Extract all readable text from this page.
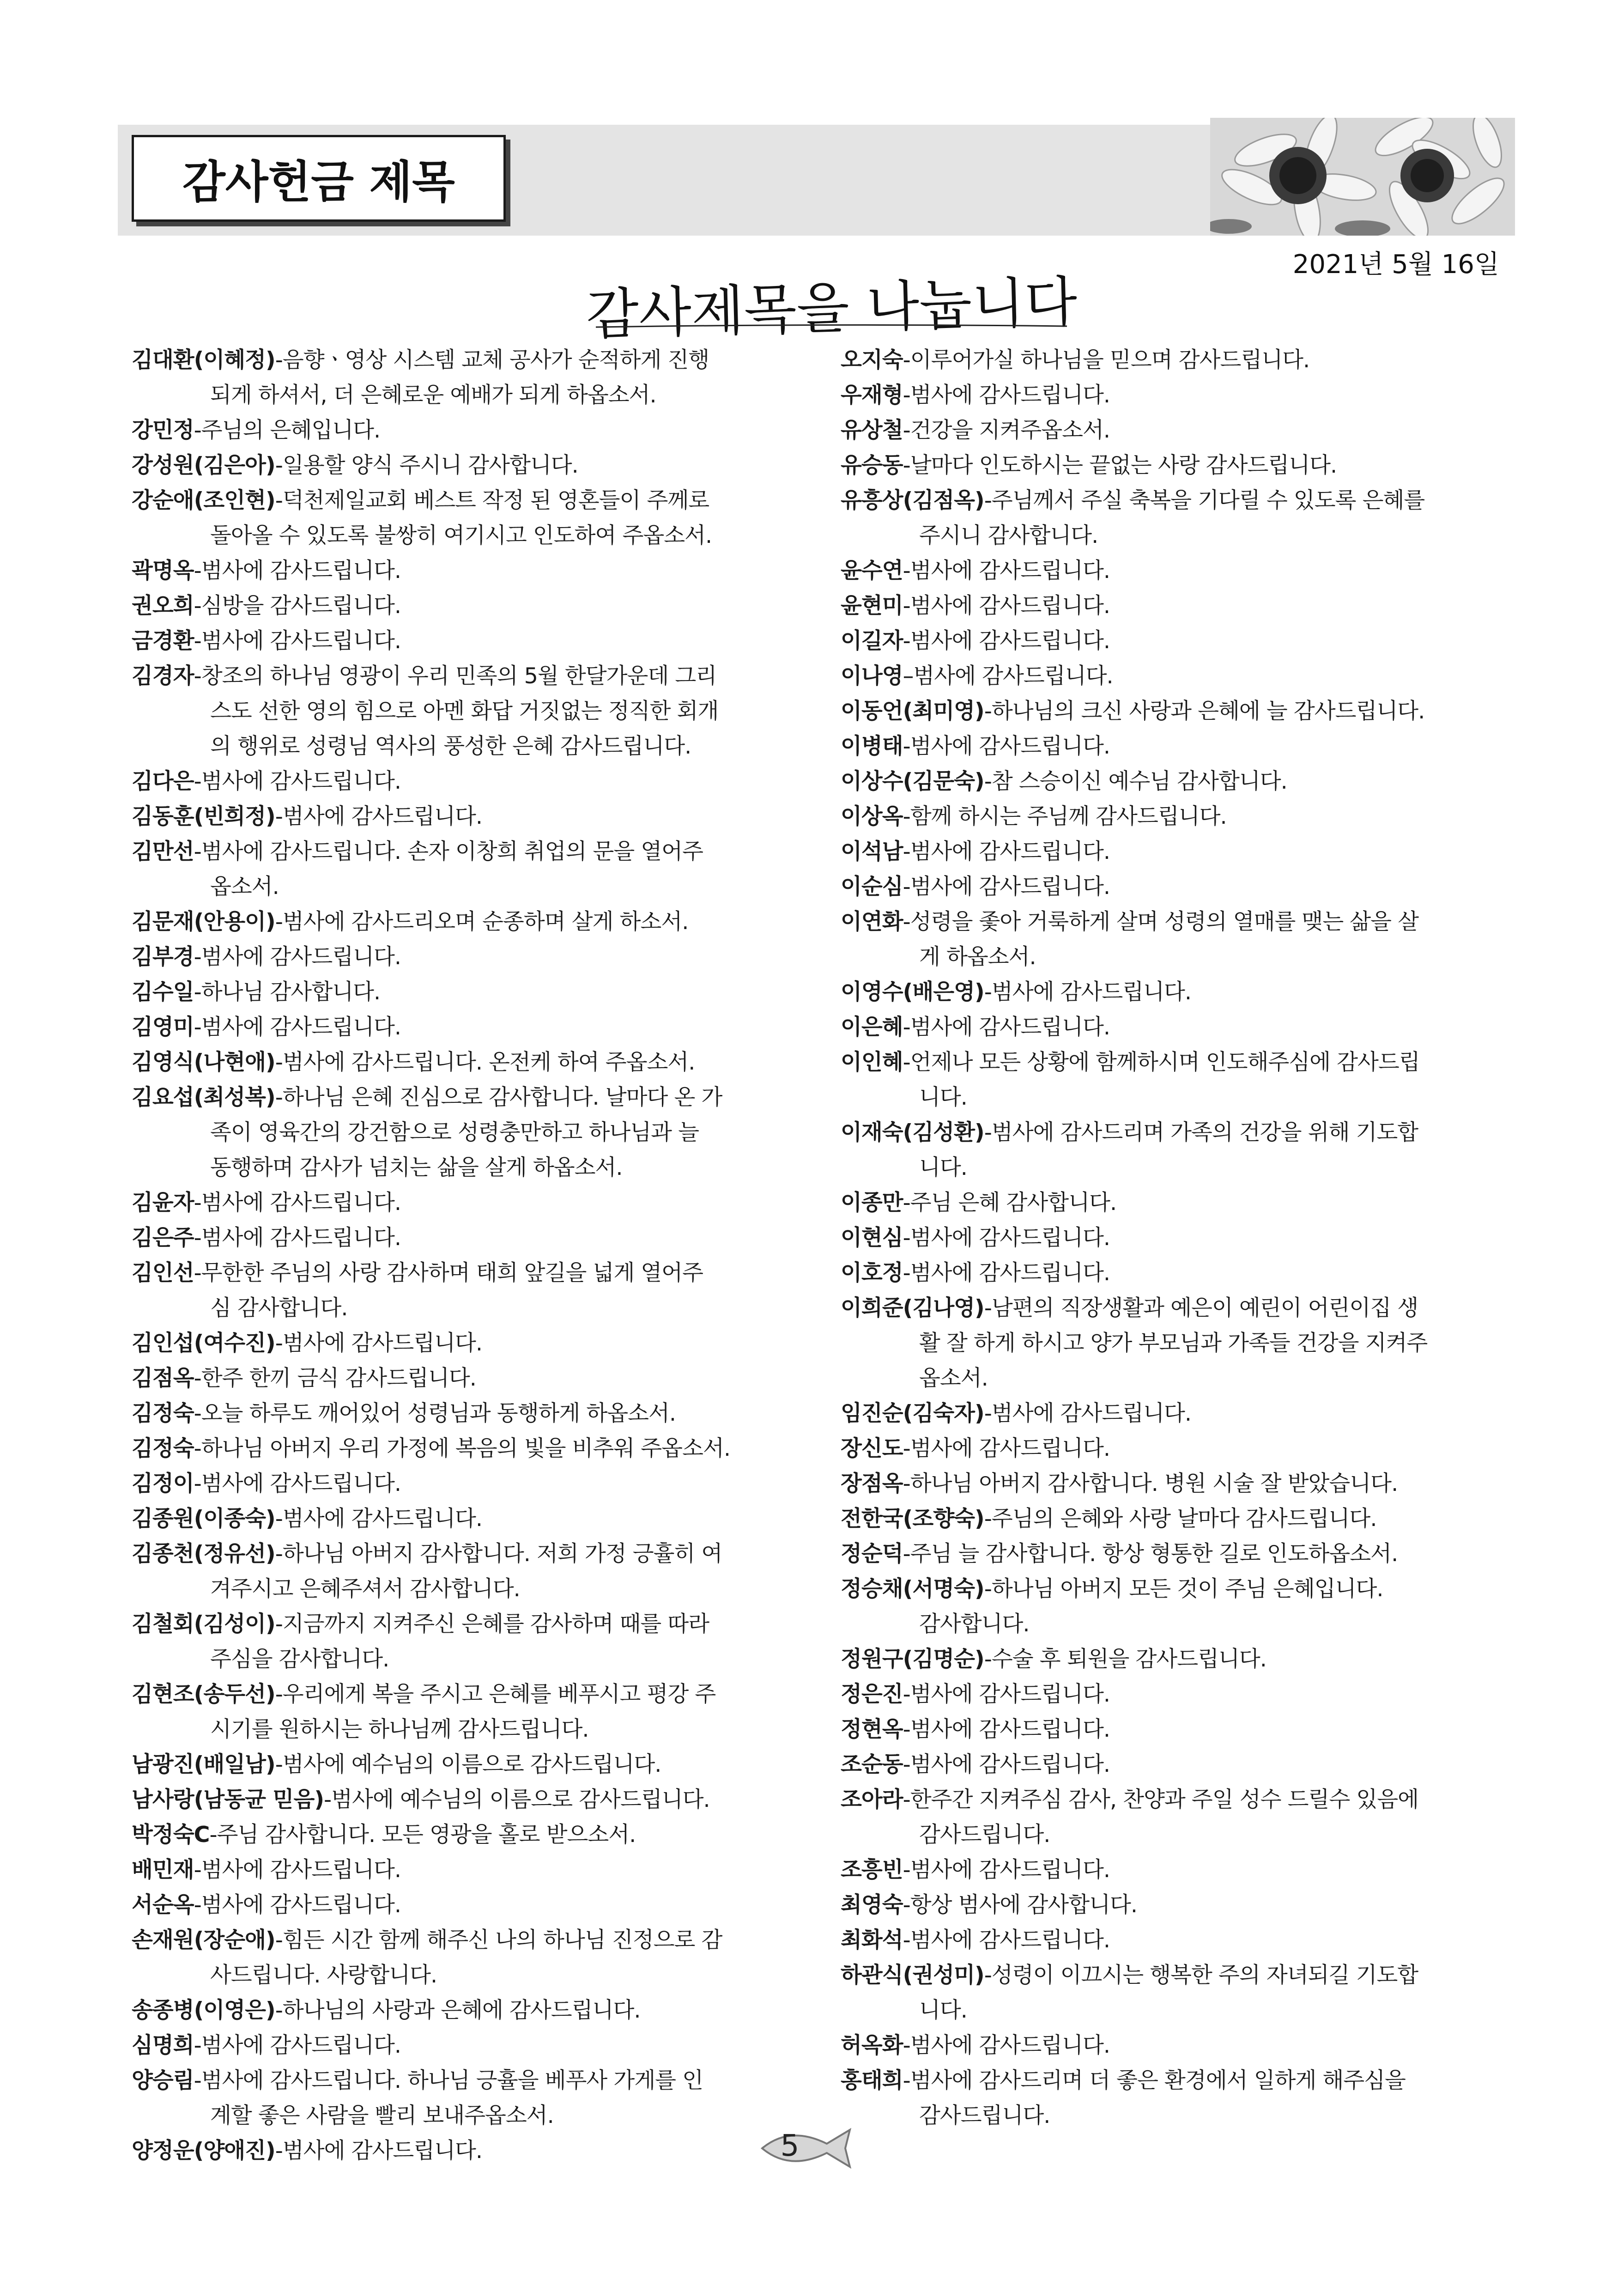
감사헌금 제목
2021년 5월 16일
감사제목을 나눕니다
김대환(이혜정)-음향ㆍ영상 시스템 교체 공사가 순적하게 진행
되게 하셔서, 더 은혜로운 예배가 되게 하옵소서.
강민정-주님의 은혜입니다.
강성원(김은아)-일용할 양식 주시니 감사합니다.
강순애(조인현)-덕천제일교회 베스트 작정 된 영혼들이 주께로
돌아올 수 있도록 불쌍히 여기시고 인도하여 주옵소서.
곽명옥-범사에 감사드립니다.
권오희-심방을 감사드립니다.
금경환-범사에 감사드립니다.
김경자-창조의 하나님 영광이 우리 민족의 5월 한달가운데 그리
스도 선한 영의 힘으로 아멘 화답 거짓없는 정직한 회개
의 행위로 성령님 역사의 풍성한 은혜 감사드립니다.
김다은-범사에 감사드립니다.
김동훈(빈희정)-범사에 감사드립니다.
김만선-범사에 감사드립니다. 손자 이창희 취업의 문을 열어주
옵소서.
김문재(안용이)-범사에 감사드리오며 순종하며 살게 하소서.
김부경-범사에 감사드립니다.
김수일-하나님 감사합니다.
김영미-범사에 감사드립니다.
김영식(나현애)-범사에 감사드립니다. 온전케 하여 주옵소서.
김요섭(최성복)-하나님 은혜 진심으로 감사합니다. 날마다 온 가
족이 영육간의 강건함으로 성령충만하고 하나님과 늘
동행하며 감사가 넘치는 삶을 살게 하옵소서.
김윤자-범사에 감사드립니다.
김은주-범사에 감사드립니다.
김인선-무한한 주님의 사랑 감사하며 태희 앞길을 넓게 열어주
심 감사합니다.
김인섭(여수진)-범사에 감사드립니다.
김점옥-한주 한끼 금식 감사드립니다.
김정숙-오늘 하루도 깨어있어 성령님과 동행하게 하옵소서.
김정숙-하나님 아버지 우리 가정에 복음의 빛을 비추워 주옵소서.
김정이-범사에 감사드립니다.
김종원(이종숙)-범사에 감사드립니다.
김종천(정유선)-하나님 아버지 감사합니다. 저희 가정 긍휼히 여
겨주시고 은혜주셔서 감사합니다.
김철회(김성이)-지금까지 지켜주신 은혜를 감사하며 때를 따라
주심을 감사합니다.
김현조(송두선)-우리에게 복을 주시고 은혜를 베푸시고 평강 주
시기를 원하시는 하나님께 감사드립니다.
남광진(배일남)-범사에 예수님의 이름으로 감사드립니다.
남사랑(남동균 믿음)-범사에 예수님의 이름으로 감사드립니다.
박정숙C-주님 감사합니다. 모든 영광을 홀로 받으소서.
배민재-범사에 감사드립니다.
서순옥-범사에 감사드립니다.
손재원(장순애)-힘든 시간 함께 해주신 나의 하나님 진정으로 감
사드립니다. 사랑합니다.
송종병(이영은)-하나님의 사랑과 은혜에 감사드립니다.
심명희-범사에 감사드립니다.
양승림-범사에 감사드립니다. 하나님 긍휼을 베푸사 가게를 인
계할 좋은 사람을 빨리 보내주옵소서.
양정운(양애진)-범사에 감사드립니다.
오지숙-이루어가실 하나님을 믿으며 감사드립니다.
우재형-범사에 감사드립니다.
유상철-건강을 지켜주옵소서.
유승동-날마다 인도하시는 끝없는 사랑 감사드립니다.
유흥상(김점옥)-주님께서 주실 축복을 기다릴 수 있도록 은혜를
주시니 감사합니다.
윤수연-범사에 감사드립니다.
윤현미-범사에 감사드립니다.
이길자-범사에 감사드립니다.
이나영–범사에 감사드립니다.
이동언(최미영)-하나님의 크신 사랑과 은혜에 늘 감사드립니다.
이병태-범사에 감사드립니다.
이상수(김문숙)-참 스승이신 예수님 감사합니다.
이상옥-함께 하시는 주님께 감사드립니다.
이석남-범사에 감사드립니다.
이순심-범사에 감사드립니다.
이연화-성령을 좇아 거룩하게 살며 성령의 열매를 맺는 삶을 살
게 하옵소서.
이영수(배은영)-범사에 감사드립니다.
이은혜-범사에 감사드립니다.
이인혜-언제나 모든 상황에 함께하시며 인도해주심에 감사드립
니다.
이재숙(김성환)-범사에 감사드리며 가족의 건강을 위해 기도합
니다.
이종만-주님 은혜 감사합니다.
이현심-범사에 감사드립니다.
이호정-범사에 감사드립니다.
이희준(김나영)-남편의 직장생활과 예은이 예린이 어린이집 생
활 잘 하게 하시고 양가 부모님과 가족들 건강을 지켜주
옵소서.
임진순(김숙자)-범사에 감사드립니다.
장신도-범사에 감사드립니다.
장점옥-하나님 아버지 감사합니다. 병원 시술 잘 받았습니다.
전한국(조향숙)-주님의 은혜와 사랑 날마다 감사드립니다.
정순덕-주님 늘 감사합니다. 항상 형통한 길로 인도하옵소서.
정승채(서명숙)-하나님 아버지 모든 것이 주님 은혜입니다.
감사합니다.
정원구(김명순)-수술 후 퇴원을 감사드립니다.
정은진-범사에 감사드립니다.
정현옥-범사에 감사드립니다.
조순동-범사에 감사드립니다.
조아라-한주간 지켜주심 감사, 찬양과 주일 성수 드릴수 있음에
감사드립니다.
조흥빈-범사에 감사드립니다.
최영숙-항상 범사에 감사합니다.
최화석-범사에 감사드립니다.
하관식(권성미)-성령이 이끄시는 행복한 주의 자녀되길 기도합
니다.
허옥화-범사에 감사드립니다.
홍태희-범사에 감사드리며 더 좋은 환경에서 일하게 해주심을
감사드립니다.
5
